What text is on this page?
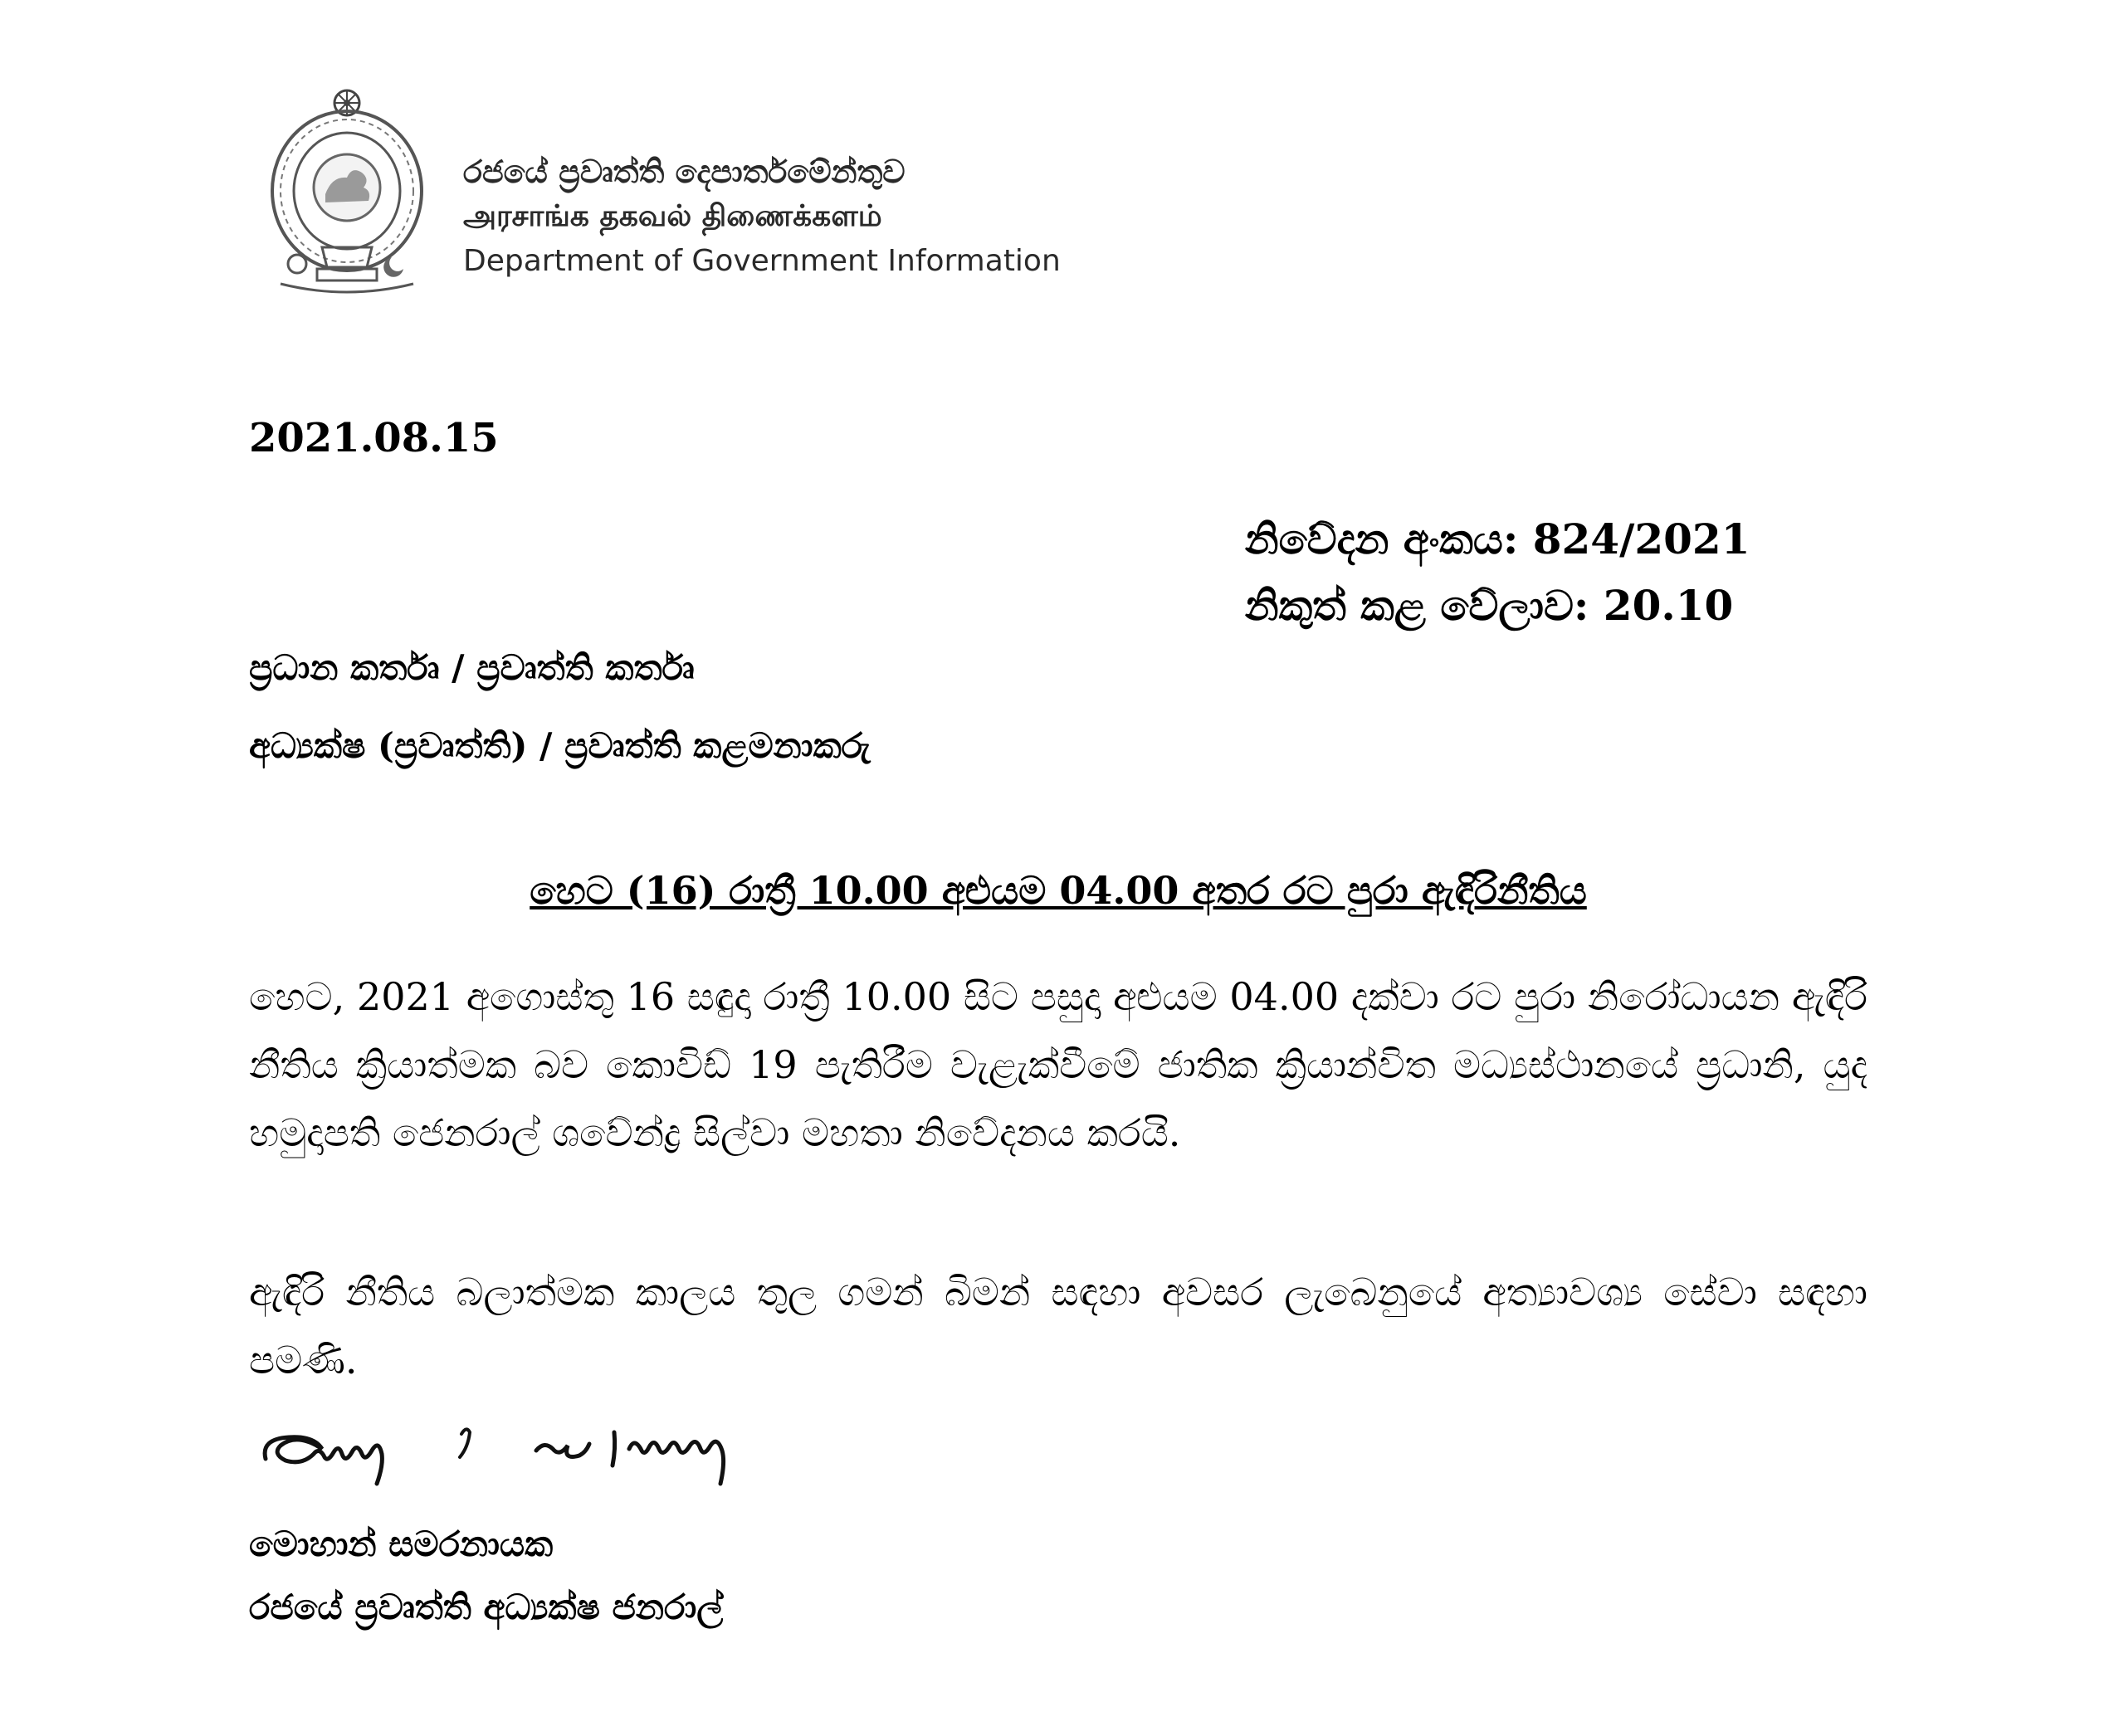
රජයේ ප්‍රවෘත්ති දෙපාර්තමේන්තුව
அரசாங்க தகவல் திணைக்களம்
Department of Government Information
2021.08.15
නිවේදන අංකය: 824/2021
නිකුත් කළ වේලාව: 20.10
ප්‍රධාන කර්තෘ / ප්‍රවෘත්ති කර්තෘ
අධ්‍යක්ෂ (ප්‍රවෘත්ති) / ප්‍රවෘත්ති කළමනාකරු
හෙට (16) රාත්‍රී 10.00 අළුයම 04.00 අතර රට පුරා ඇඳිරිනීතිය
හෙට, 2021 අගොස්තු 16 සඳුදා රාත්‍රී 10.00 සිට පසුදා අළුයම 04.00 දක්වා රට පුරා නිරෝධායන ඇඳිරි නීතිය ක්‍රියාත්මක බව කොවිඩ් 19 පැතිරීම වැළැක්වීමේ ජාතික ක්‍රියාන්විත මධ්‍යස්ථානයේ ප්‍රධානි, යුද හමුදාපති ජෙනරාල් ශවේන්ද්‍ර සිල්වා මහතා නිවේදනය කරයි.
ඇඳිරි නීතිය බලාත්මක කාලය තුල ගමන් බිමන් සඳහා අවසර ලැබෙනුයේ අත්‍යාවශ්‍ය සේවා සඳහා පමණි.
මොහාන් සමරනායක
රජයේ ප්‍රවෘත්ති අධ්‍යක්ෂ ජනරාල්
